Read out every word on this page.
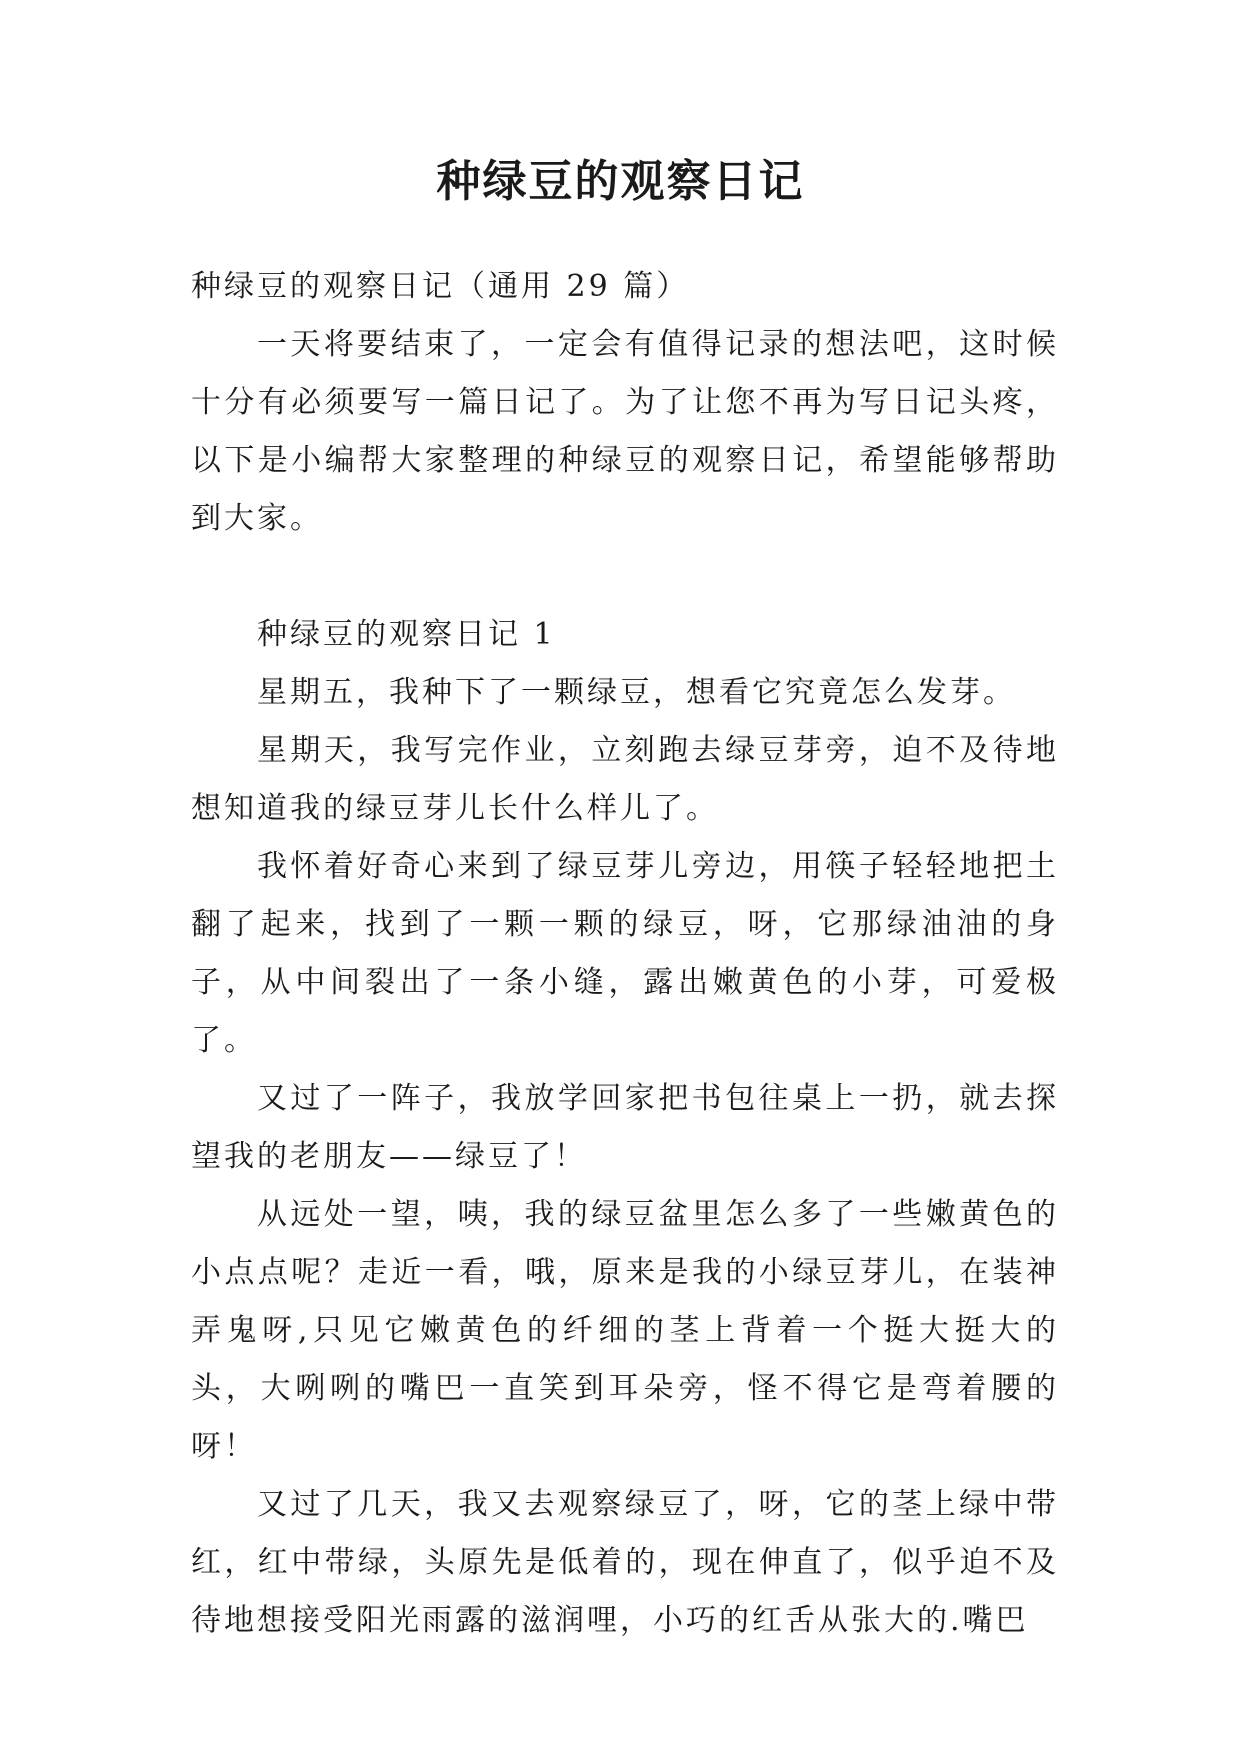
种绿豆的观察日记

种绿豆的观察日记（通用 29 篇）

一天将要结束了，一定会有值得记录的想法吧，这时候十分有必须要写一篇日记了。为了让您不再为写日记头疼，以下是小编帮大家整理的种绿豆的观察日记，希望能够帮助到大家。

种绿豆的观察日记 1

星期五，我种下了一颗绿豆，想看它究竟怎么发芽。

星期天，我写完作业，立刻跑去绿豆芽旁，迫不及待地想知道我的绿豆芽儿长什么样儿了。

我怀着好奇心来到了绿豆芽儿旁边，用筷子轻轻地把土翻了起来，找到了一颗一颗的绿豆，呀，它那绿油油的身子，从中间裂出了一条小缝，露出嫩黄色的小芽，可爱极了。

又过了一阵子，我放学回家把书包往桌上一扔，就去探望我的老朋友——绿豆了！

从远处一望，咦，我的绿豆盆里怎么多了一些嫩黄色的小点点呢？走近一看，哦，原来是我的小绿豆芽儿，在装神弄鬼呀,只见它嫩黄色的纤细的茎上背着一个挺大挺大的头，大咧咧的嘴巴一直笑到耳朵旁，怪不得它是弯着腰的呀！

又过了几天，我又去观察绿豆了，呀，它的茎上绿中带红，红中带绿，头原先是低着的，现在伸直了，似乎迫不及待地想接受阳光雨露的滋润哩，小巧的红舌从张大的.嘴巴
